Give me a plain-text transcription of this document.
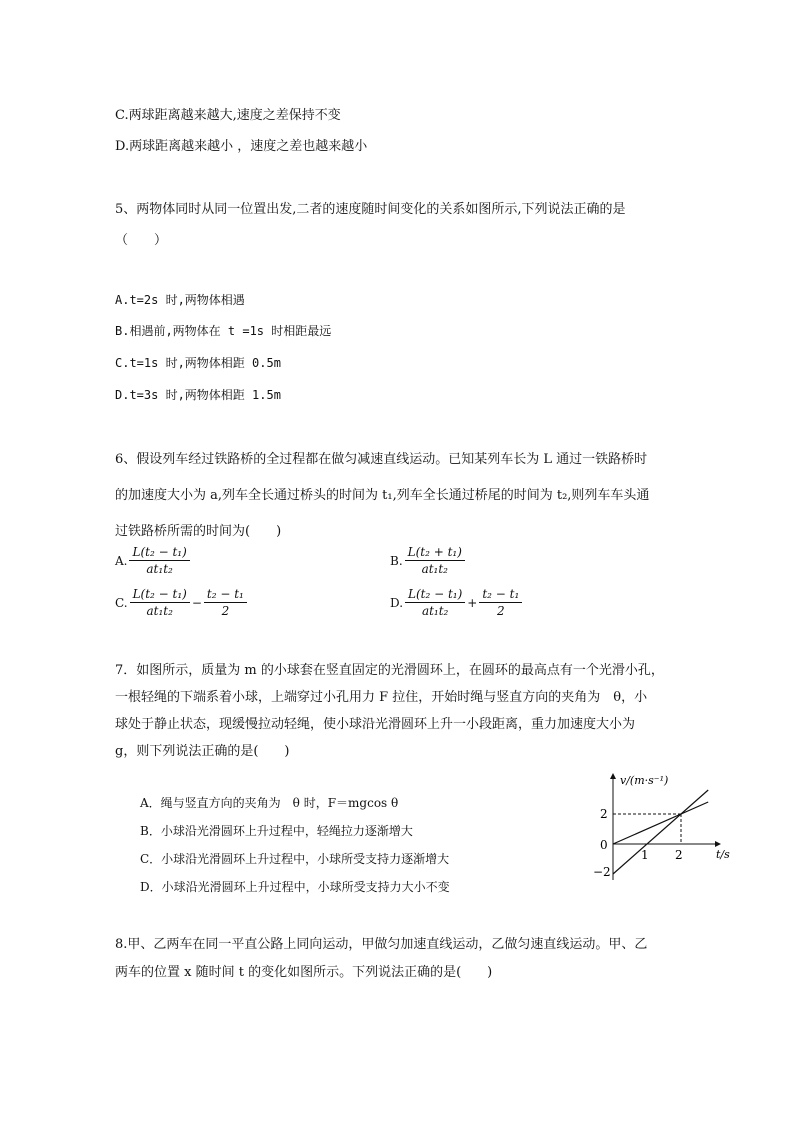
C.两球距离越来越大,速度之差保持不变
D.两球距离越来越小 ，速度之差也越来越小
5、两物体同时从同一位置出发,二者的速度随时间变化的关系如图所示,下列说法正确的是
（　　）
A.t=2s 时,两物体相遇
B.相遇前,两物体在 t =1s 时相距最远
C.t=1s 时,两物体相距 0.5m
D.t=3s 时,两物体相距 1.5m
6、假设列车经过铁路桥的全过程都在做匀减速直线运动。已知某列车长为 L 通过一铁路桥时
的加速度大小为 a,列车全长通过桥头的时间为 t₁,列车全长通过桥尾的时间为 t₂,则列车车头通
过铁路桥所需的时间为(　　)
A. $\frac{\text{L(t₂ − t₁)}}{\text{at₁t₂}}$	B. $\frac{\text{L(t₂ + t₁)}}{\text{at₁t₂}}$
C. $\frac{\text{L(t₂ − t₁)}}{\text{at₁t₂}} - \frac{\text{t₂ − t₁}}{2}$	D. $\frac{\text{L(t₂ − t₁)}}{\text{at₁t₂}} + \frac{\text{t₂ − t₁}}{2}$
7．如图所示，质量为 m 的小球套在竖直固定的光滑圆环上，在圆环的最高点有一个光滑小孔，
一根轻绳的下端系着小球，上端穿过小孔用力 F 拉住，开始时绳与竖直方向的夹角为　θ，小
球处于静止状态，现缓慢拉动轻绳，使小球沿光滑圆环上升一小段距离，重力加速度大小为
g，则下列说法正确的是(　　)
A．绳与竖直方向的夹角为　θ 时，F＝mgcos θ
B．小球沿光滑圆环上升过程中，轻绳拉力逐渐增大
C．小球沿光滑圆环上升过程中，小球所受支持力逐渐增大
D．小球沿光滑圆环上升过程中，小球所受支持力大小不变
v/(m·s⁻¹)
t/s
2
0
−2
1 2
8.甲、乙两车在同一平直公路上同向运动，甲做匀加速直线运动，乙做匀速直线运动。甲、乙
两车的位置 x 随时间 t 的变化如图所示。下列说法正确的是(　　)
